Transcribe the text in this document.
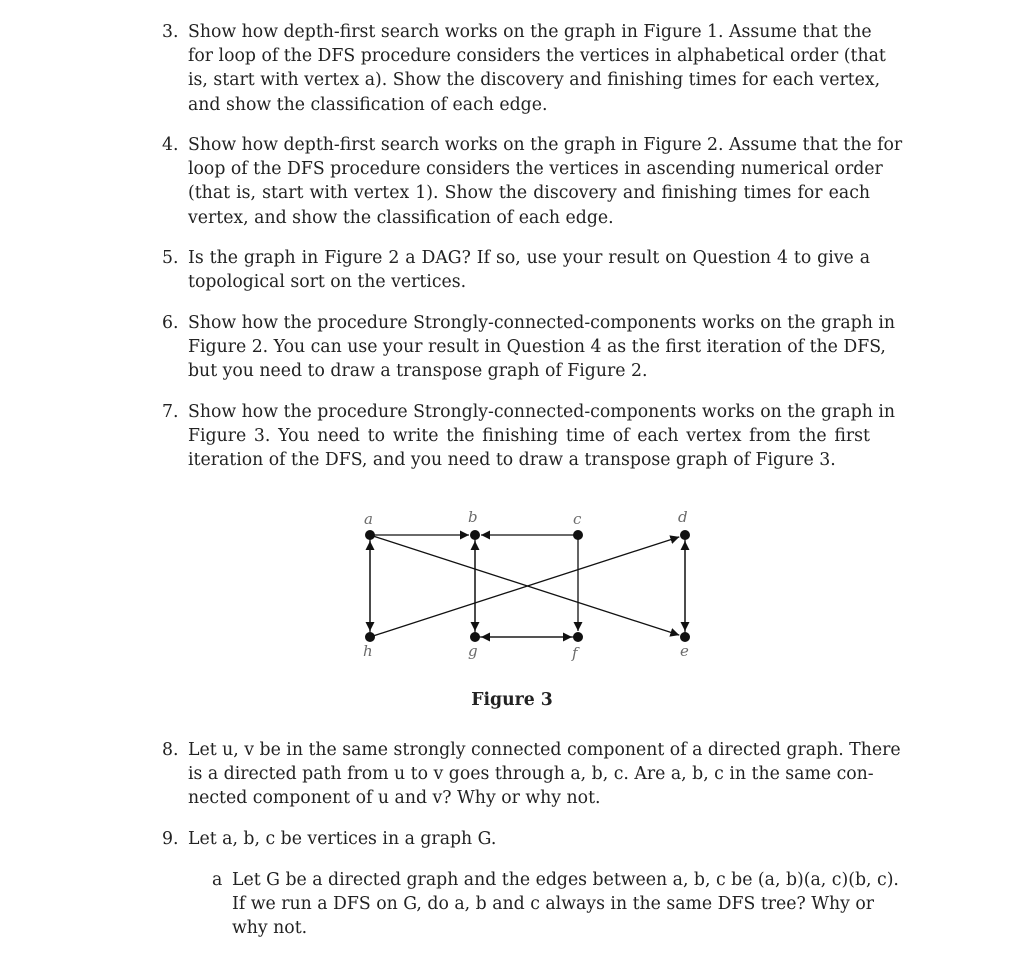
3. Show how depth-first search works on the graph in Figure 1. Assume that the
for loop of the DFS procedure considers the vertices in alphabetical order (that
is, start with vertex a). Show the discovery and finishing times for each vertex,
and show the classification of each edge.
4. Show how depth-first search works on the graph in Figure 2. Assume that the for
loop of the DFS procedure considers the vertices in ascending numerical order
(that is, start with vertex 1). Show the discovery and finishing times for each
vertex, and show the classification of each edge.
5. Is the graph in Figure 2 a DAG? If so, use your result on Question 4 to give a
topological sort on the vertices.
6. Show how the procedure Strongly-connected-components works on the graph in
Figure 2. You can use your result in Question 4 as the first iteration of the DFS,
but you need to draw a transpose graph of Figure 2.
7. Show how the procedure Strongly-connected-components works on the graph in
Figure 3. You need to write the finishing time of each vertex from the first
iteration of the DFS, and you need to draw a transpose graph of Figure 3.
a	b	c	d
e
f
g
h
Figure 3
8. Let u, v be in the same strongly connected component of a directed graph. There
is a directed path from u to v goes through a, b, c. Are a, b, c in the same con-
nected component of u and v? Why or why not.
9. Let a, b, c be vertices in a graph G.
a Let G be a directed graph and the edges between a, b, c be (a, b)(a, c)(b, c).
If we run a DFS on G, do a, b and c always in the same DFS tree? Why or
why not.
